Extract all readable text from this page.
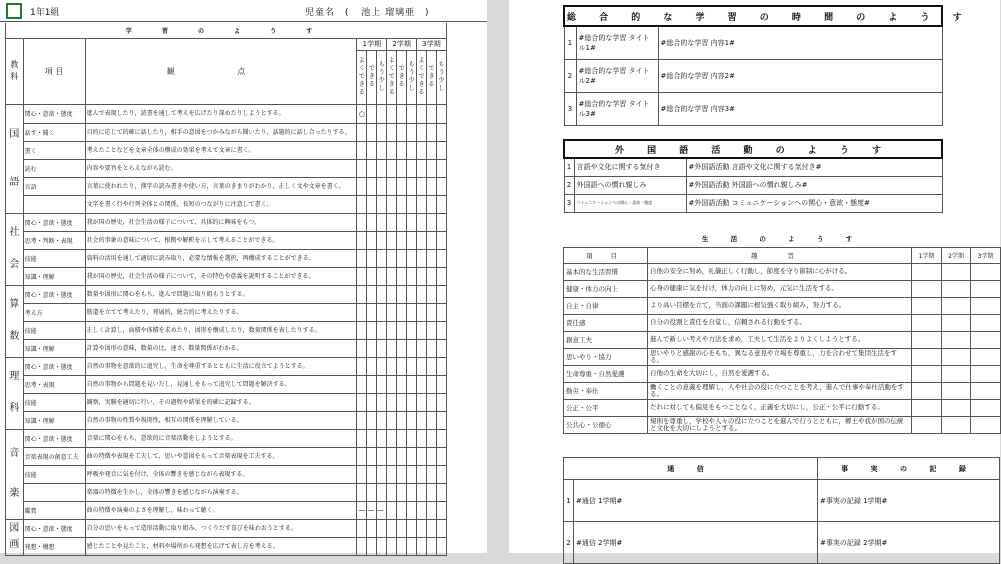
1年1組	児童名 ( 池上 瑠璃亜 )
学 習 の よ う す											
教 科	項 目	観 点	1学期			2学期			3学期		

			よくできる	できる	もう少し	よくできる	できる	もう少し	よくできる	できる	もう少し

国 語	関心・意欲・態度	進んで表現したり，読書を通して考えを広げたり深めたりしようとする。	○								
	話す・聞く	目的に応じて的確に話したり，相手の意図をつかみながら聞いたり，話題的に話し合ったりする。									
	書く	考えたことなどを文章全体の構成の効果を考えて文章に書く。									
	読む	内容や要旨をとらえながら読む。									
	言語	言葉に使われたり，漢字の読み書きや使い方，言葉のきまりがわかり，正しく文や文章を書く。									
		文字を書く行や行列全体との関係，長短のつながりに注意して書く。									
社 会	関心・意欲・態度	我が国の歴史，社会生活の様子について，具体的に興味をもつ。									
	思考・判断・表現	社会的事象の意味について，根拠や解釈を示して考えることができる。									
	技能	資料の活用を通して適切に読み取り，必要な情報を選択，再構成することができる。									
	知識・理解	我が国の歴史，社会生活の様子について，その特色や意義を説明することができる。									
算 数	関心・意欲・態度	数量や図形に関心をもち，進んで問題に取り組もうとする。									
	考え方	筋道を立てて考えたり，発展的，統合的に考えたりする。									
	技能	正しく計算し，面積や体積を求めたり，図形を構成したり，数量関係を表したりする。									
	知識・理解	計算や図形の意味，数量の比，速さ，数量関係がわかる。									
理 科	関心・意欲・態度	自然の事物を意欲的に追究し，生命を尊重するとともに生活に役立てようとする。									
	思考・表現	自然の事物から問題を見いだし，見通しをもって追究して問題を解決する。									
	技能	観察，実験を適切に行い，その過程や結果を的確に記録する。									
	知識・理解	自然の事物の性質や規則性，相互の関係を理解している。									
音 楽	関心・意欲・態度	音楽に関心をもち，意欲的に音楽活動をしようとする。									
	音楽表現の創意工夫	曲の特徴や表現を工夫して，思いや意図をもって音楽表現を工夫する。									
	技能	呼吸や発音に気を付け，全体の響きを感じながら表現する。									
		楽器の特徴を生かし，全体の響きを感じながら演奏する。									
	鑑賞	曲の特徴や演奏のよさを理解し，味わって聴く。	— — —								
図 画	関心・意欲・態度	自分の思いをもって造形活動に取り組み，つくりだす喜びを味わおうとする。									
	発想・構想	感じたことや見たこと，材料や場所から発想を広げて表し方を考える。									
総 合 的 な 学 習 の 時 間 の よ う す		
1	#総合的な学習 タイトル1#	#総合的な学習 内容1#
2	#総合的な学習 タイトル2#	#総合的な学習 内容2#
3	#総合的な学習 タイトル3#	#総合的な学習 内容3#
外 国 語 活 動 の よ う す		
1	言語や文化に関する気付き	#外国語活動 言語や文化に関する気付き#
2	外国語への慣れ親しみ	#外国語活動 外国語への慣れ親しみ#
3	コミュニケーションへの関心・意欲・態度	#外国語活動 コミュニケーションへの関心・意欲・態度#
生 活 の よ う す				
項 目	趣 旨	1学期	2学期	3学期
基本的な生活習慣	自他の安全に努め，礼儀正しく行動し，節度を守り節制に心がける。			
健康・体力の向上	心身の健康に気を付け，体力の向上に努め，元気に生活をする。			
自主・自律	より高い目標を立て，当面の課題に根気強く取り組み，努力する。			
責任感	自分の役割と責任を自覚し，信頼される行動をする。			
創意工夫	進んで新しい考えや方法を求め，工夫して生活をよりよくしようとする。			
思いやり・協力	思いやりと感謝の心をもち，異なる意見や立場を尊重し，力を合わせて集団生活をする。			
生命尊重・自然愛護	自他の生命を大切にし，自然を愛護する。			
勤労・奉仕	働くことの意義を理解し，人や社会の役に立つことを考え，進んで仕事や奉仕活動をする。			
公正・公平	だれに対しても偏見をもつことなく，正義を大切にし，公正・公平に行動する。			
公共心・公徳心	規則を尊重し，学校や人々の役に立つことを進んで行うとともに，郷土や我が国の伝統と文化を大切にしようとする。			
通 信		事 実 の 記 録
1	#通信 1学期#	#事実の記録 1学期#
2	#通信 2学期#	#事実の記録 2学期#
